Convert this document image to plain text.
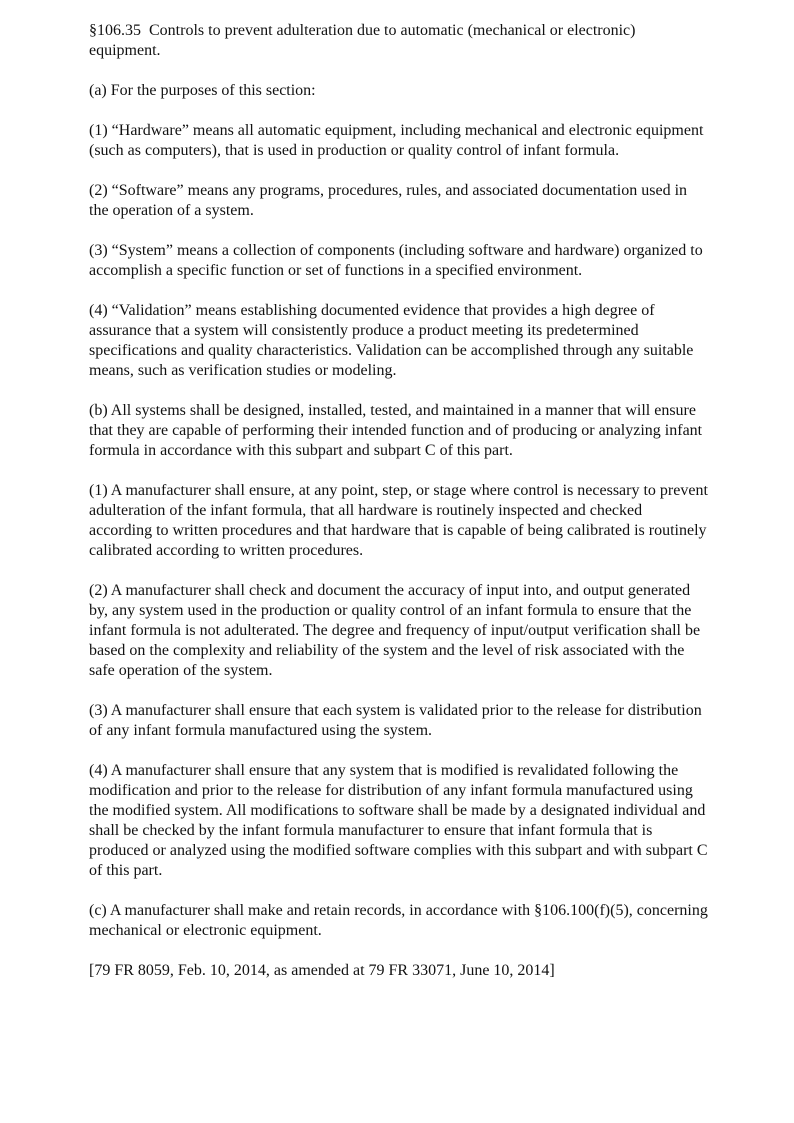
§106.35 Controls to prevent adulteration due to automatic (mechanical or electronic) equipment.

(a) For the purposes of this section:

(1) “Hardware” means all automatic equipment, including mechanical and electronic equipment (such as computers), that is used in production or quality control of infant formula.

(2) “Software” means any programs, procedures, rules, and associated documentation used in the operation of a system.

(3) “System” means a collection of components (including software and hardware) organized to accomplish a specific function or set of functions in a specified environment.

(4) “Validation” means establishing documented evidence that provides a high degree of assurance that a system will consistently produce a product meeting its predetermined specifications and quality characteristics. Validation can be accomplished through any suitable means, such as verification studies or modeling.

(b) All systems shall be designed, installed, tested, and maintained in a manner that will ensure that they are capable of performing their intended function and of producing or analyzing infant formula in accordance with this subpart and subpart C of this part.

(1) A manufacturer shall ensure, at any point, step, or stage where control is necessary to prevent adulteration of the infant formula, that all hardware is routinely inspected and checked according to written procedures and that hardware that is capable of being calibrated is routinely calibrated according to written procedures.

(2) A manufacturer shall check and document the accuracy of input into, and output generated by, any system used in the production or quality control of an infant formula to ensure that the infant formula is not adulterated. The degree and frequency of input/output verification shall be based on the complexity and reliability of the system and the level of risk associated with the safe operation of the system.

(3) A manufacturer shall ensure that each system is validated prior to the release for distribution of any infant formula manufactured using the system.

(4) A manufacturer shall ensure that any system that is modified is revalidated following the modification and prior to the release for distribution of any infant formula manufactured using the modified system. All modifications to software shall be made by a designated individual and shall be checked by the infant formula manufacturer to ensure that infant formula that is produced or analyzed using the modified software complies with this subpart and with subpart C of this part.

(c) A manufacturer shall make and retain records, in accordance with §106.100(f)(5), concerning mechanical or electronic equipment.

[79 FR 8059, Feb. 10, 2014, as amended at 79 FR 33071, June 10, 2014]
